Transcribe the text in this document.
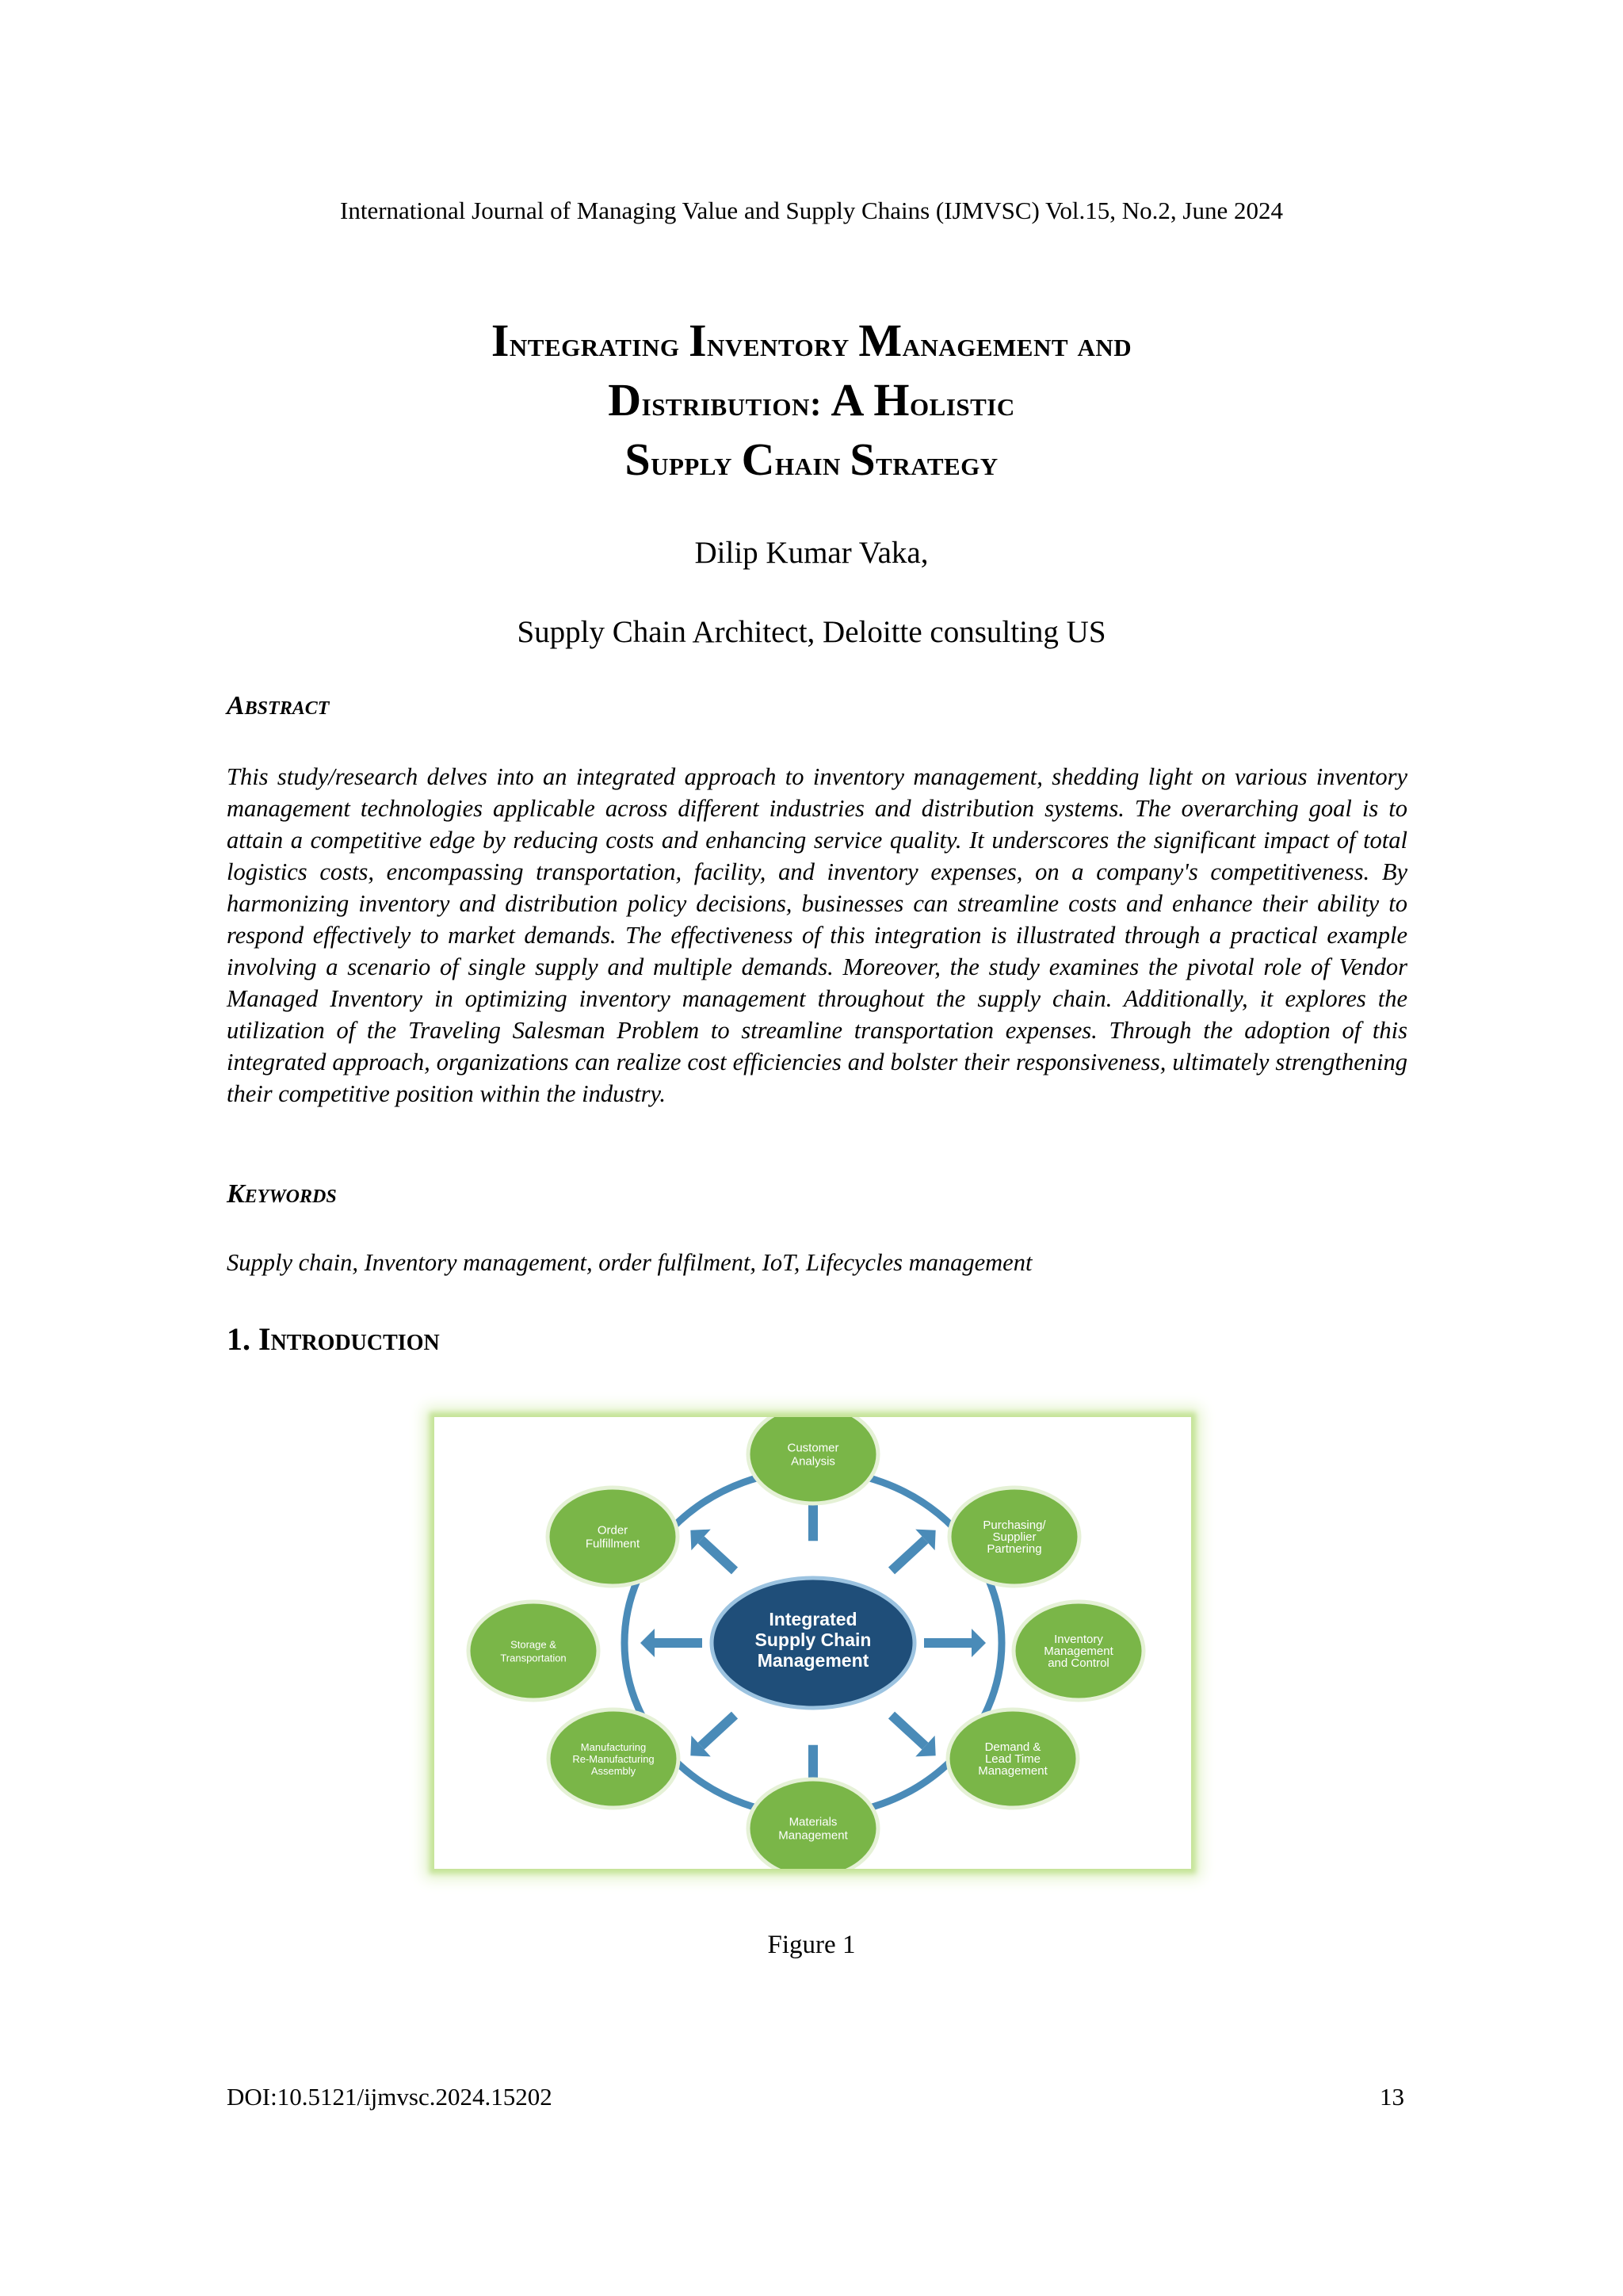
International Journal of Managing Value and Supply Chains (IJMVSC) Vol.15, No.2, June 2024
Integrating Inventory Management and
Distribution: A Holistic
Supply Chain Strategy
Dilip Kumar Vaka,
Supply Chain Architect, Deloitte consulting US
Abstract
This study/research delves into an integrated approach to inventory management, shedding light on various inventory management technologies applicable across different industries and distribution systems. The overarching goal is to attain a competitive edge by reducing costs and enhancing service quality. It underscores the significant impact of total logistics costs, encompassing transportation, facility, and inventory expenses, on a company's competitiveness. By harmonizing inventory and distribution policy decisions, businesses can streamline costs and enhance their ability to respond effectively to market demands. The effectiveness of this integration is illustrated through a practical example involving a scenario of single supply and multiple demands. Moreover, the study examines the pivotal role of Vendor Managed Inventory in optimizing inventory management throughout the supply chain. Additionally, it explores the utilization of the Traveling Salesman Problem to streamline transportation expenses. Through the adoption of this integrated approach, organizations can realize cost efficiencies and bolster their responsiveness, ultimately strengthening their competitive position within the industry.
Keywords
Supply chain, Inventory management, order fulfilment, IoT, Lifecycles management
1. Introduction
Integrated
Supply Chain
Management
Customer
Analysis
Purchasing/
Supplier
Partnering
Inventory
Management
and Control
Demand &
Lead Time
Management
Materials
Management
Manufacturing
Re-Manufacturing
Assembly
Storage &
Transportation
Order
Fulfillment
Figure 1
DOI:10.5121/ijmvsc.2024.15202	13
